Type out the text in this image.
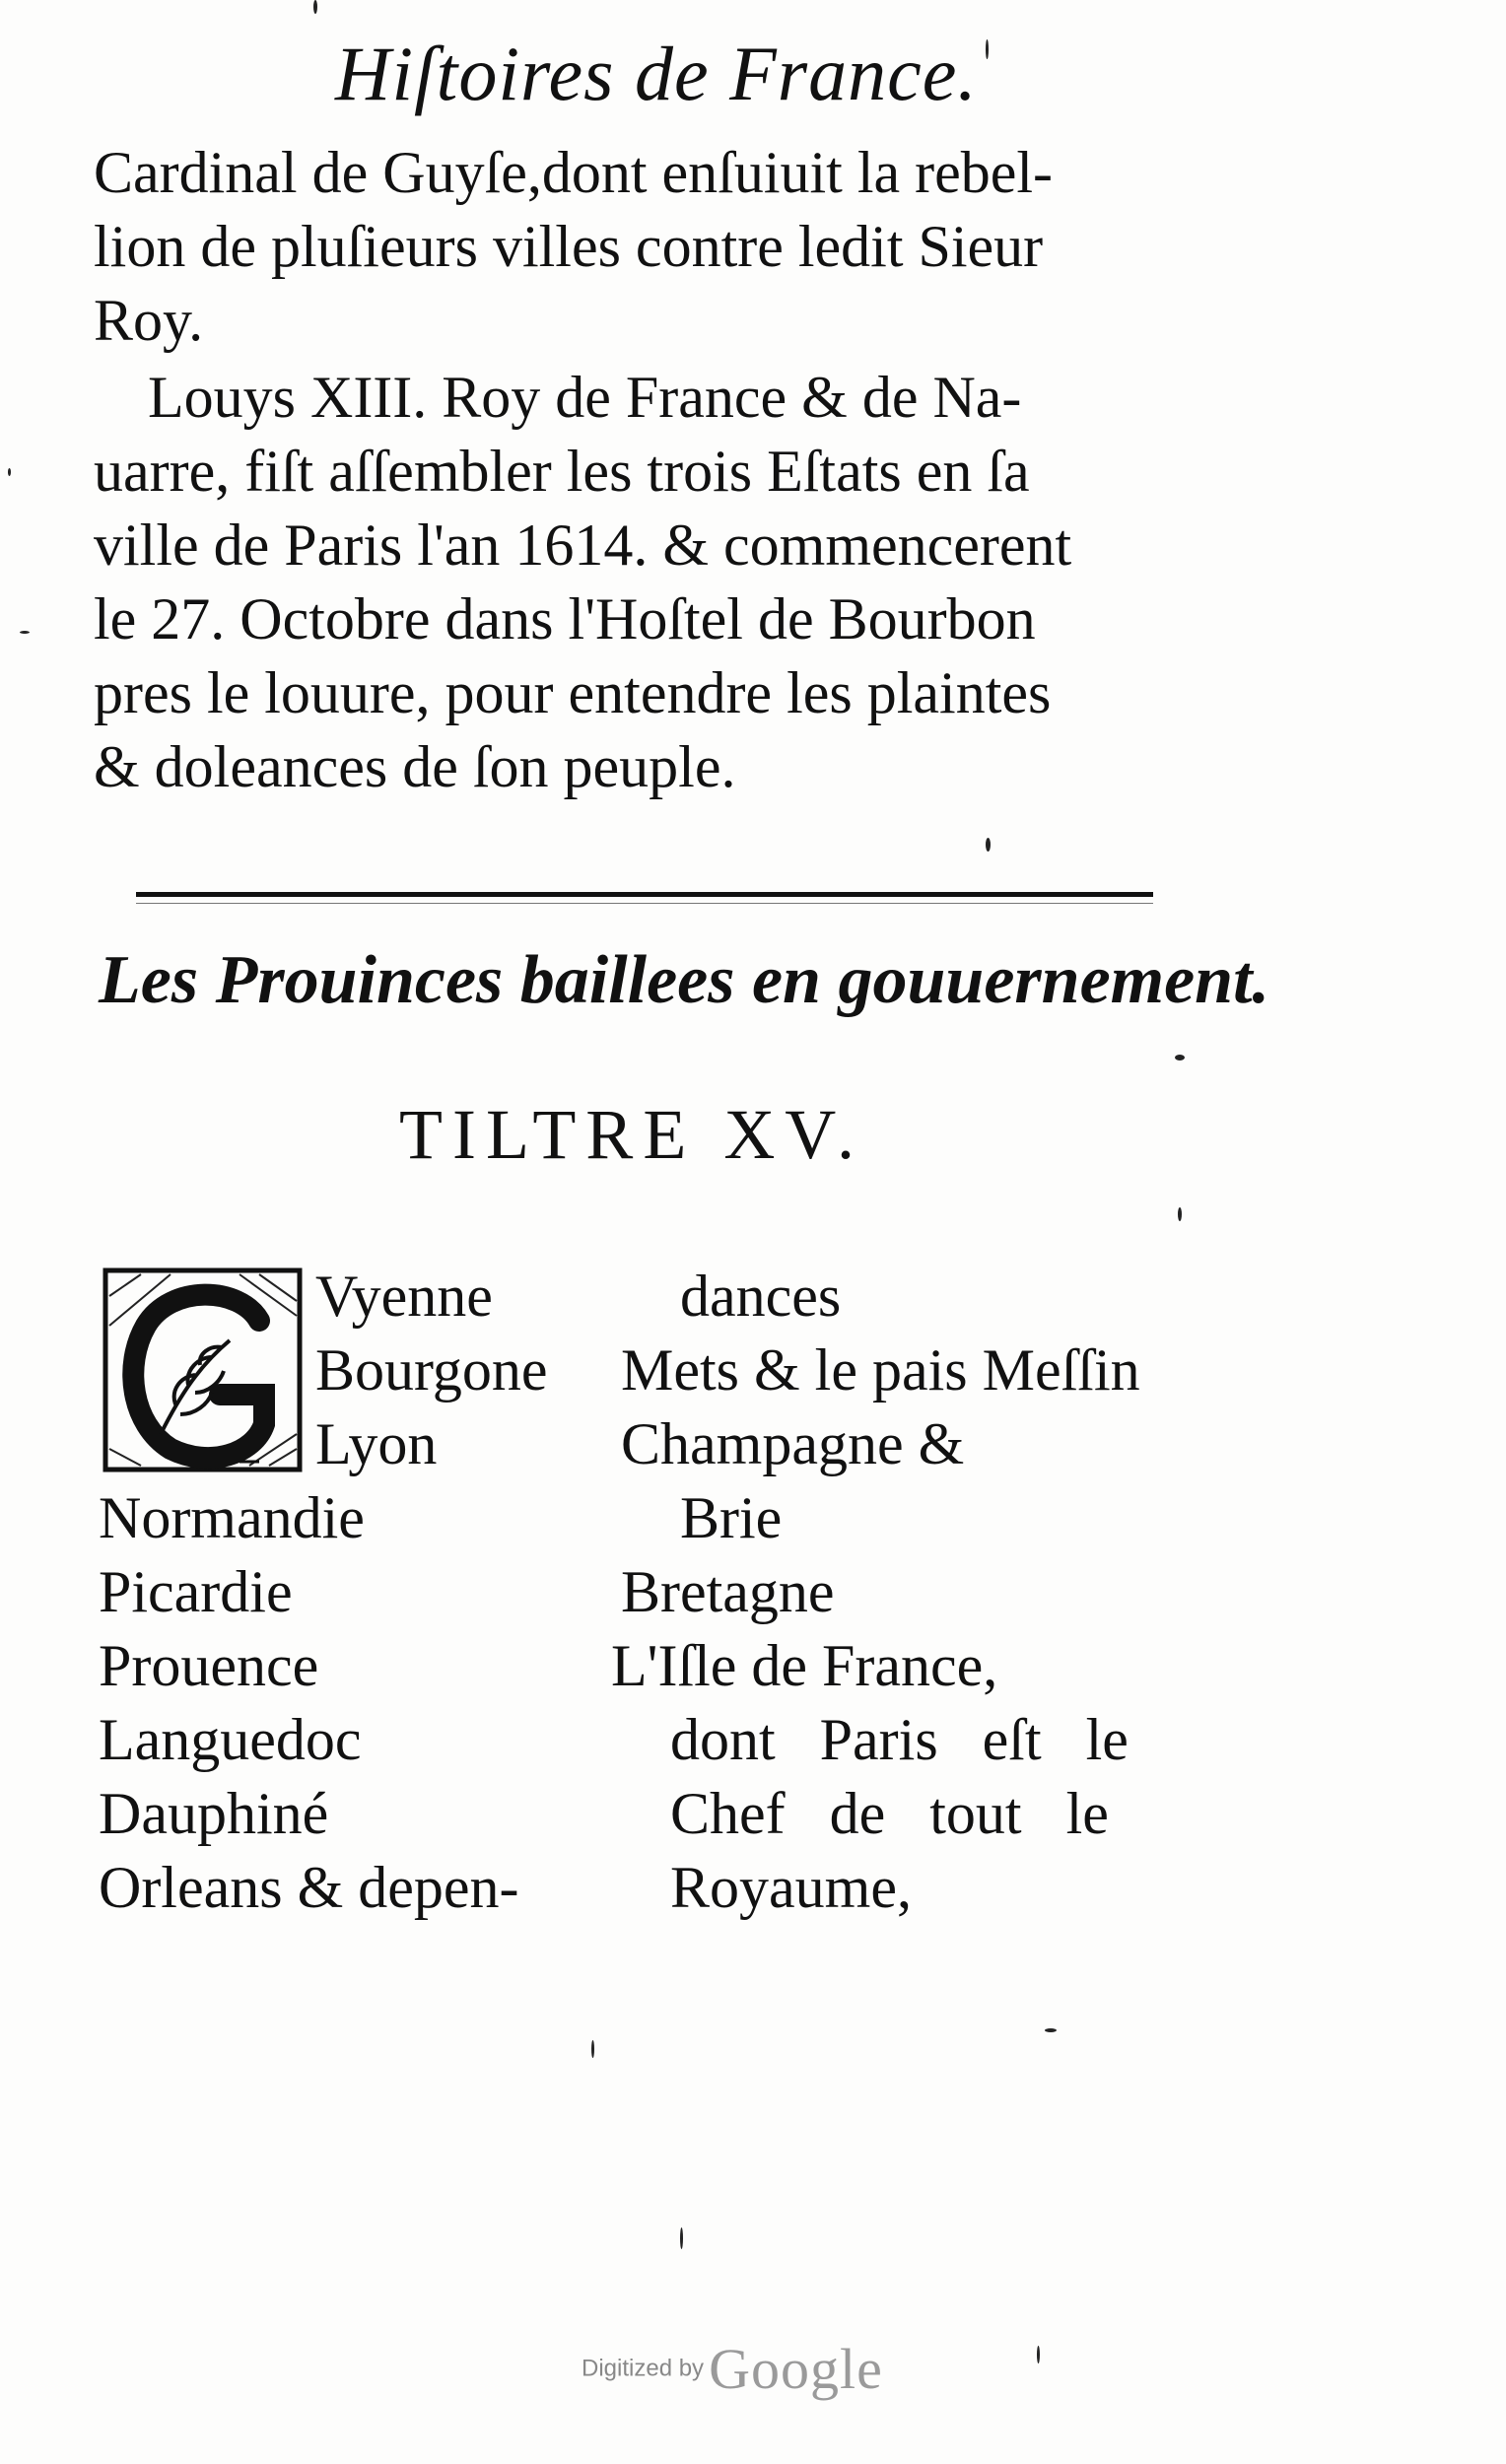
Hiſtoires de France.
Cardinal de Guyſe,dont enſuiuit la rebel-
lion de pluſieurs villes contre ledit Sieur
Roy.
Louys XIII. Roy de France & de Na-
uarre, fiſt aſſembler les trois Eſtats en ſa
ville de Paris l'an 1614. & commencerent
le 27. Octobre dans l'Hoſtel de Bourbon
pres le louure, pour entendre les plaintes
& doleances de ſon peuple.
Les Prouinces baillees en gouuernement.
TILTRE XV.
Vyenne
Bourgone
Lyon
Normandie
Picardie
Prouence
Languedoc
Dauphiné
Orleans & depen-
dances
Mets & le pais Meſſin
Champagne &
Brie
Bretagne
L'Iſle de France,
dont Paris eſt le
Chef de tout le
Royaume,
Digitized by Google
